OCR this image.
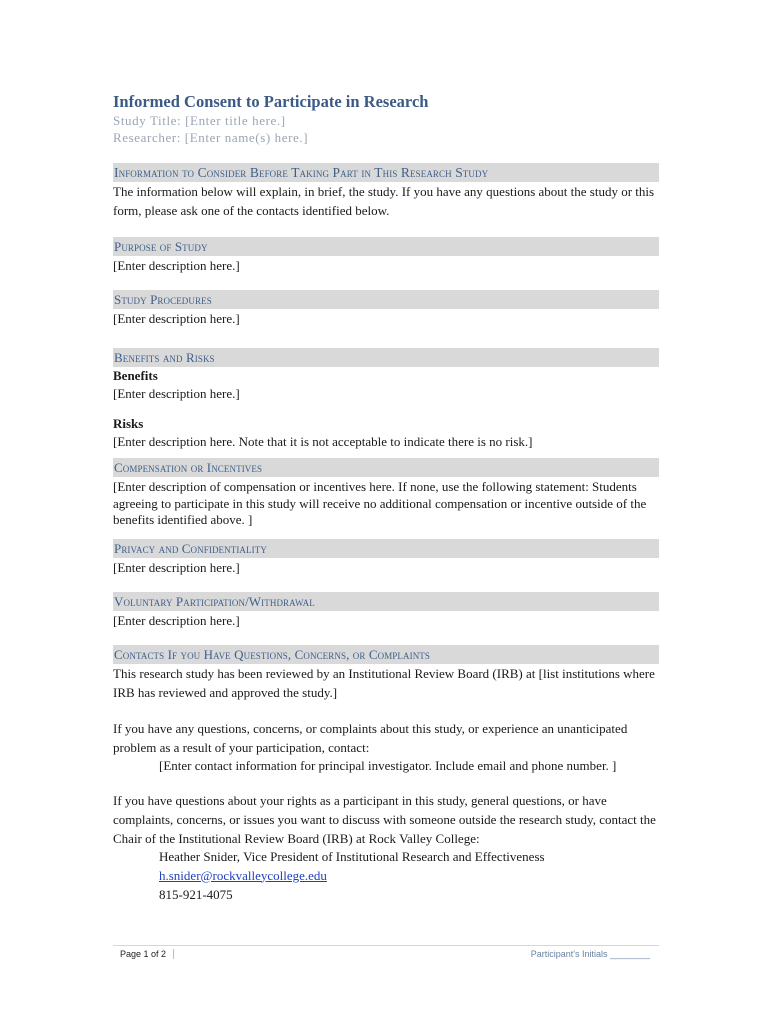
Informed Consent to Participate in Research
Study Title: [Enter title here.]
Researcher: [Enter name(s) here.]
Information to Consider Before Taking Part in This Research Study
The information below will explain, in brief, the study. If you have any questions about the study or this form, please ask one of the contacts identified below.
Purpose of Study
[Enter description here.]
Study Procedures
[Enter description here.]
Benefits and Risks
Benefits
[Enter description here.]
Risks
[Enter description here. Note that it is not acceptable to indicate there is no risk.]
Compensation or Incentives
[Enter description of compensation or incentives here. If none, use the following statement: Students agreeing to participate in this study will receive no additional compensation or incentive outside of the benefits identified above. ]
Privacy and Confidentiality
[Enter description here.]
Voluntary Participation/Withdrawal
[Enter description here.]
Contacts If you Have Questions, Concerns, or Complaints
This research study has been reviewed by an Institutional Review Board (IRB) at [list institutions where IRB has reviewed and approved the study.]
If you have any questions, concerns, or complaints about this study, or experience an unanticipated problem as a result of your participation, contact:
[Enter contact information for principal investigator. Include email and phone number. ]
If you have questions about your rights as a participant in this study, general questions, or have complaints, concerns, or issues you want to discuss with someone outside the research study, contact the Chair of the Institutional Review Board (IRB) at Rock Valley College:
Heather Snider, Vice President of Institutional Research and Effectiveness
h.snider@rockvalleycollege.edu
815-921-4075
Page 1 of 2	Participant's Initials ________
